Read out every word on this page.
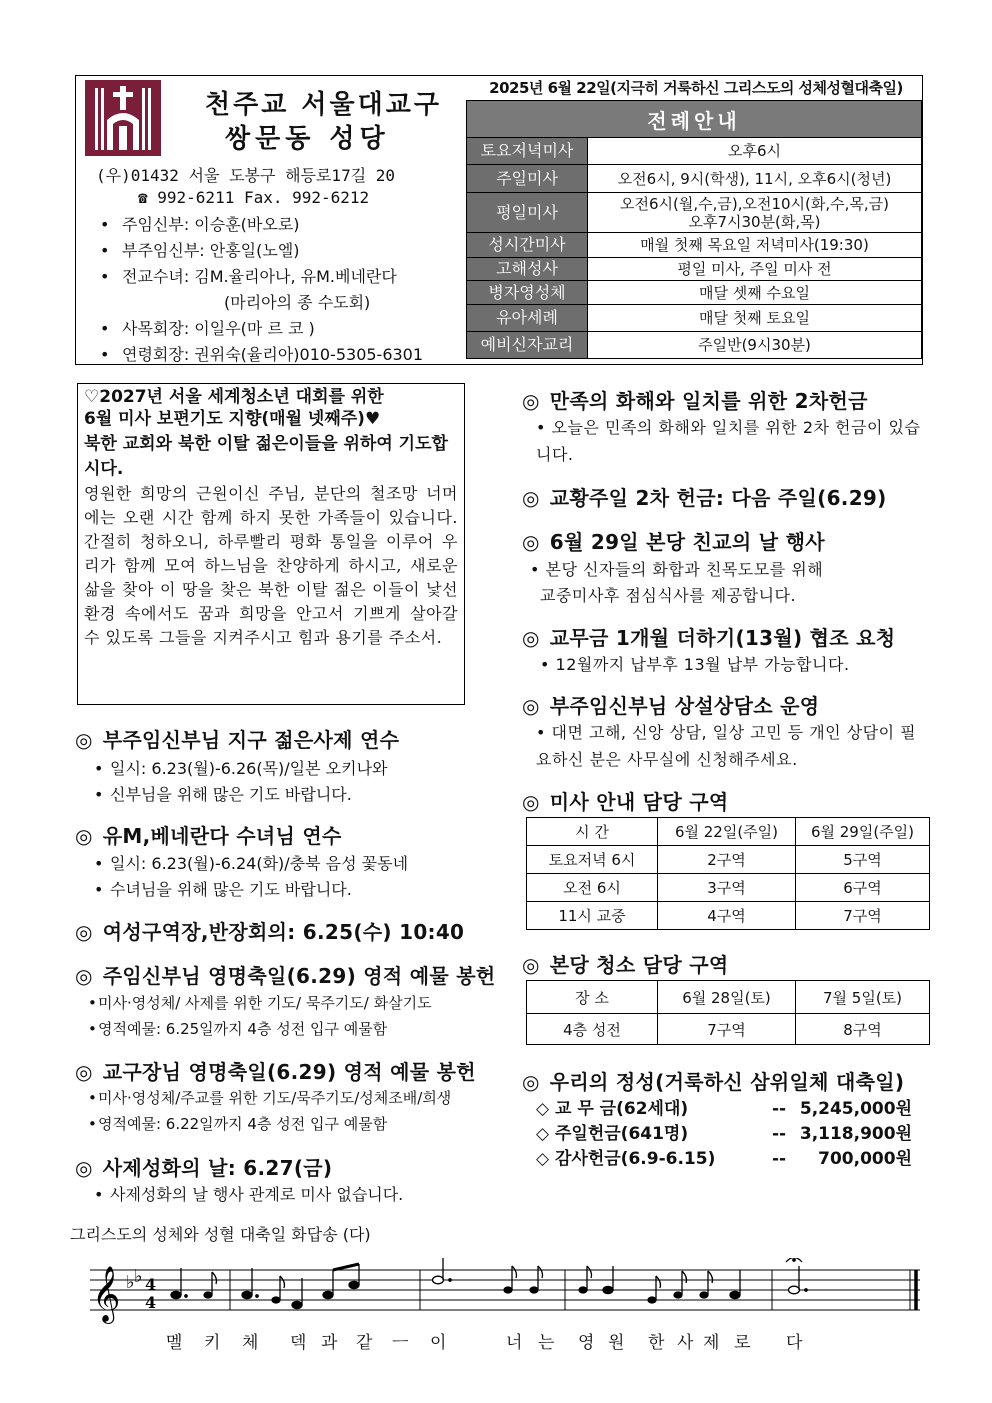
천주교 서울대교구
쌍문동 성당
(우)01432 서울 도봉구 해등로17길 20
☎ 992-6211 Fax. 992-6212
• 주임신부: 이승훈(바오로)
• 부주임신부: 안홍일(노엘)
• 전교수녀: 김M.율리아나, 유M.베네란다
(마리아의 종 수도회)
• 사목회장: 이일우(마 르 코 )
• 연령회장: 권위숙(율리아)010-5305-6301
2025년 6월 22일(지극히 거룩하신 그리스도의 성체성혈대축일)
전례안내	
토요저녁미사	오후6시
주일미사	오전6시, 9시(학생), 11시, 오후6시(청년)
평일미사	오전6시(월,수,금),오전10시(화,수,목,금)
오후7시30분(화,목)

성시간미사	매월 첫째 목요일 저녁미사(19:30)
고해성사	평일 미사, 주일 미사 전
병자영성체	매달 셋째 수요일
유아세례	매달 첫째 토요일
예비신자교리	주일반(9시30분)
♡2027년 서울 세계청소년 대회를 위한
6월 미사 보편기도 지향(매월 넷째주)♥
북한 교회와 북한 이탈 젊은이들을 위하여 기도합시다.
영원한 희망의 근원이신 주님, 분단의 철조망 너머에는 오랜 시간 함께 하지 못한 가족들이 있습니다. 간절히 청하오니, 하루빨리 평화 통일을 이루어 우리가 함께 모여 하느님을 찬양하게 하시고, 새로운 삶을 찾아 이 땅을 찾은 북한 이탈 젊은 이들이 낯선 환경 속에서도 꿈과 희망을 안고서 기쁘게 살아갈 수 있도록 그들을 지켜주시고 힘과 용기를 주소서.
◎ 부주임신부님 지구 젊은사제 연수
• 일시: 6.23(월)-6.26(목)/일본 오키나와
• 신부님을 위해 많은 기도 바랍니다.
◎ 유M,베네란다 수녀님 연수
• 일시: 6.23(월)-6.24(화)/충북 음성 꽃동네
• 수녀님을 위해 많은 기도 바랍니다.
◎ 여성구역장,반장회의: 6.25(수) 10:40
◎ 주임신부님 영명축일(6.29) 영적 예물 봉헌
• 미사·영성체/ 사제를 위한 기도/ 묵주기도/ 화살기도
• 영적예물: 6.25일까지 4층 성전 입구 예물함
◎ 교구장님 영명축일(6.29) 영적 예물 봉헌
• 미사·영성체/주교를 위한 기도/묵주기도/성체조배/희생
• 영적예물: 6.22일까지 4층 성전 입구 예물함
◎ 사제성화의 날: 6.27(금)
• 사제성화의 날 행사 관계로 미사 없습니다.
◎ 만족의 화해와 일치를 위한 2차헌금
• 오늘은 민족의 화해와 일치를 위한 2차 헌금이 있습니다.
◎ 교황주일 2차 헌금: 다음 주일(6.29)
◎ 6월 29일 본당 친교의 날 행사
• 본당 신자들의 화합과 친목도모를 위해
교중미사후 점심식사를 제공합니다.
◎ 교무금 1개월 더하기(13월) 협조 요청
• 12월까지 납부후 13월 납부 가능합니다.
◎ 부주임신부님 상설상담소 운영
• 대면 고해, 신앙 상담, 일상 고민 등 개인 상담이 필요하신 분은 사무실에 신청해주세요.
◎ 미사 안내 담당 구역
시 간	6월 22일(주일)	6월 29일(주일)
토요저녁 6시	2구역	5구역
오전 6시	3구역	6구역
11시 교중	4구역	7구역
◎ 본당 청소 담당 구역
장 소	6월 28일(토)	7월 5일(토)
4층 성전	7구역	8구역
◎ 우리의 정성(거룩하신 삼위일체 대축일)
◇ 교 무 금(62세대)	-- 5,245,000원
◇ 주일헌금(641명)	-- 3,118,900원
◇ 감사헌금(6.9-6.15)	-- 700,000원
그리스도의 성체와 성혈 대축일 화답송 (다)
𝄞 ♭ ♭ 4
4
멜 키 체 덱 과 같 ㅡ 이	너 는 영 원 한 사 제 로 다
